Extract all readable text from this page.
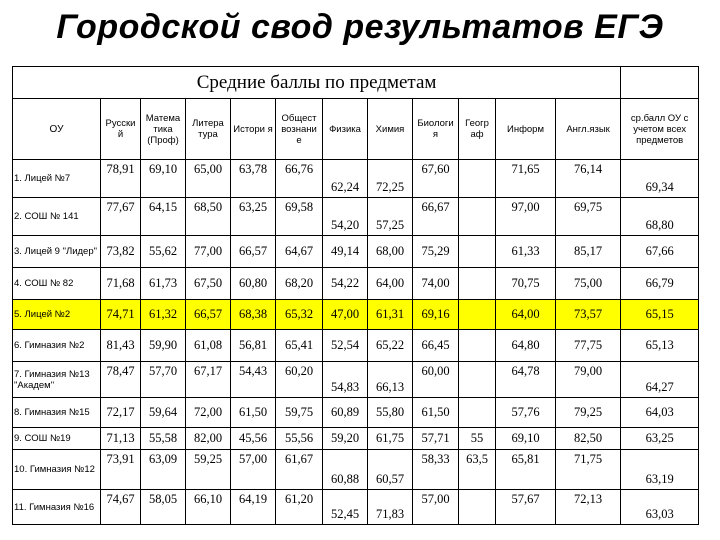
Городской свод результатов ЕГЭ
Средние баллы по предметам												
ОУ	Русски й	Матема тика (Проф)	Литера тура	Истори я	Общест вознани е	Физика	Химия	Биологи я	Геогр аф	Информ	Англ.язык	ср.балл ОУ с учетом всех предметов
1. Лицей №7	78,91	69,10	65,00	63,78	66,76	62,24	72,25	67,60		71,65	76,14	69,34
2. СОШ № 141	77,67	64,15	68,50	63,25	69,58	54,20	57,25	66,67		97,00	69,75	68,80
3. Лицей 9 "Лидер"	73,82	55,62	77,00	66,57	64,67	49,14	68,00	75,29		61,33	85,17	67,66
4. СОШ № 82	71,68	61,73	67,50	60,80	68,20	54,22	64,00	74,00		70,75	75,00	66,79
5. Лицей №2	74,71	61,32	66,57	68,38	65,32	47,00	61,31	69,16		64,00	73,57	65,15
6. Гимназия №2	81,43	59,90	61,08	56,81	65,41	52,54	65,22	66,45		64,80	77,75	65,13
7. Гимназия №13 "Академ"	78,47	57,70	67,17	54,43	60,20	54,83	66,13	60,00		64,78	79,00	64,27
8. Гимназия №15	72,17	59,64	72,00	61,50	59,75	60,89	55,80	61,50		57,76	79,25	64,03
9. СОШ №19	71,13	55,58	82,00	45,56	55,56	59,20	61,75	57,71	55	69,10	82,50	63,25
10. Гимназия №12	73,91	63,09	59,25	57,00	61,67	60,88	60,57	58,33	63,5	65,81	71,75	63,19
11. Гимназия №16	74,67	58,05	66,10	64,19	61,20	52,45	71,83	57,00		57,67	72,13	63,03
